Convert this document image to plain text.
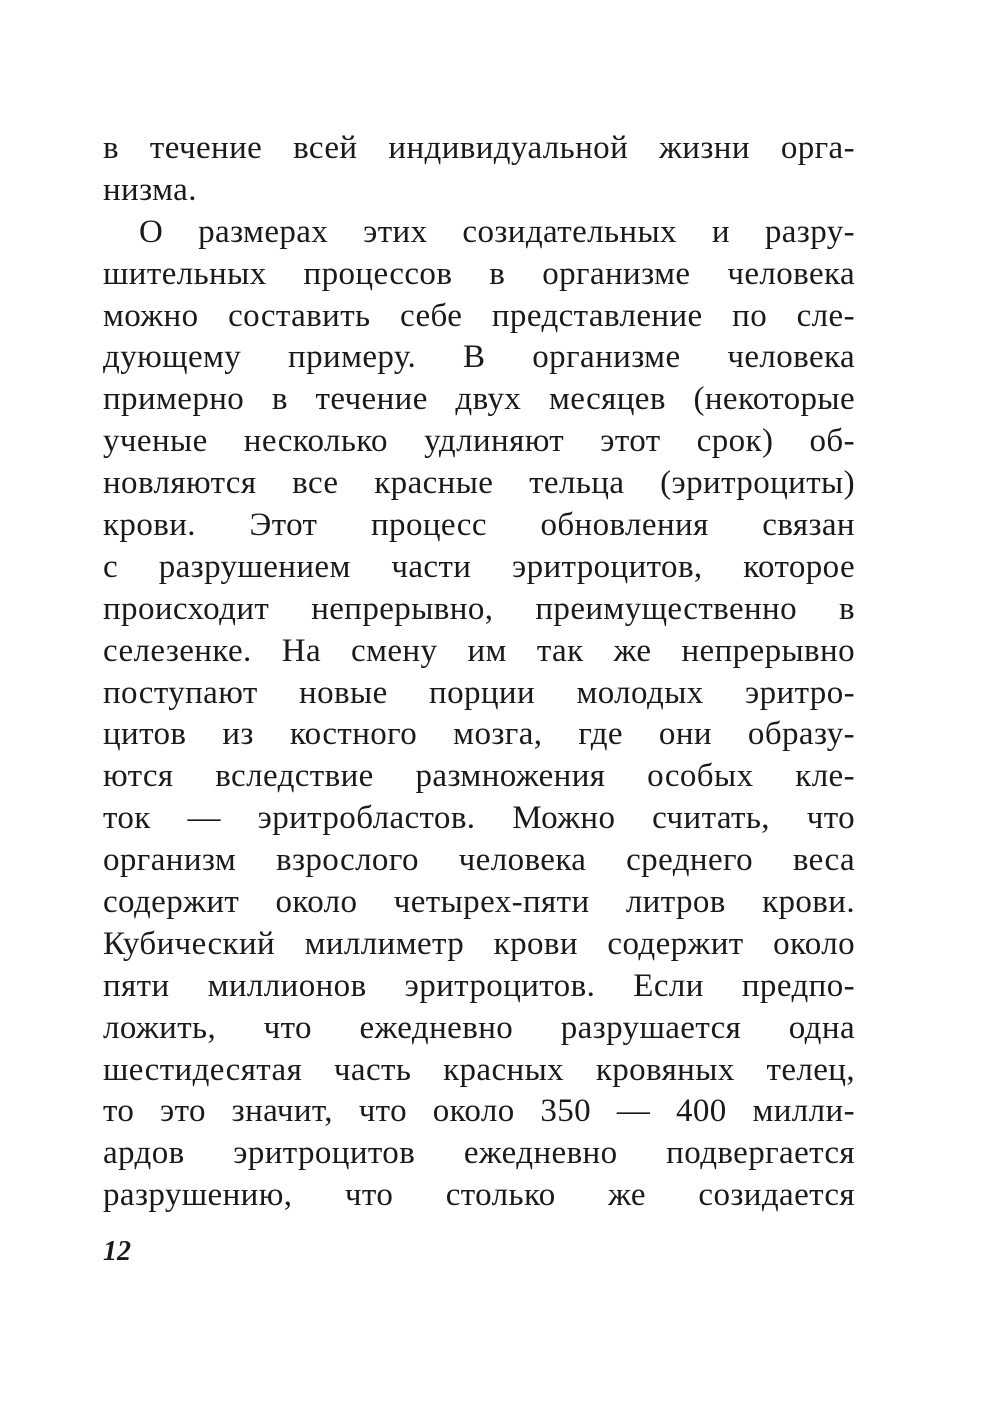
в течение всей индивидуальной жизни орга-
низма.
О размерах этих созидательных и разру-
шительных процессов в организме человека
можно составить себе представление по сле-
дующему примеру. В организме человека
примерно в течение двух месяцев (некоторые
ученые несколько удлиняют этот срок) об-
новляются все красные тельца (эритроциты)
крови. Этот процесс обновления связан
с разрушением части эритроцитов, которое
происходит непрерывно, преимущественно в
селезенке. На смену им так же непрерывно
поступают новые порции молодых эритро-
цитов из костного мозга, где они образу-
ются вследствие размножения особых кле-
ток — эритробластов. Можно считать, что
организм взрослого человека среднего веса
содержит около четырех-пяти литров крови.
Кубический миллиметр крови содержит около
пяти миллионов эритроцитов. Если предпо-
ложить, что ежедневно разрушается одна
шестидесятая часть красных кровяных телец,
то это значит, что около 350 — 400 милли-
ардов эритроцитов ежедневно подвергается
разрушению, что столько же созидается
12
